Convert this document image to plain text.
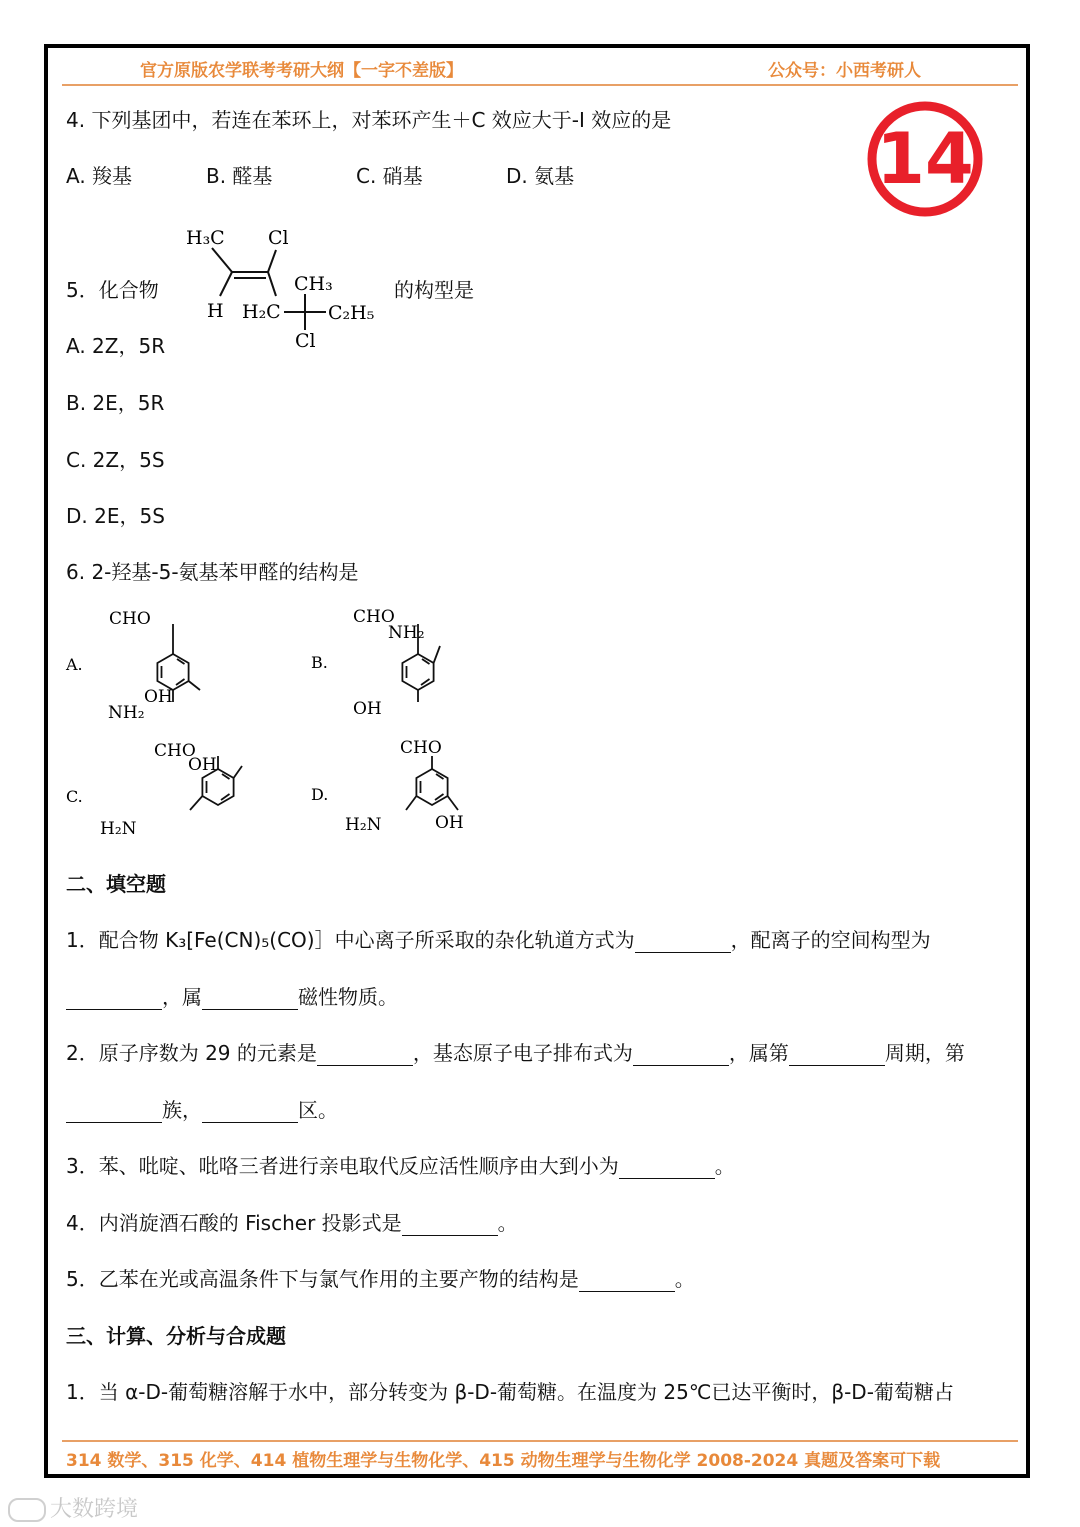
官方原版农学联考考研大纲【一字不差版】	公众号：小西考研人
14
4. 下列基团中，若连在苯环上，对苯环产生＋C 效应大于-I 效应的是
A. 羧基	B. 醛基	C. 硝基	D. 氨基
5．化合物
H₃C Cl
H
CH₃
H₂C C₂H₅
Cl
的构型是
A. 2Z，5R
B. 2E，5R
C. 2Z，5S
D. 2E，5S
6. 2-羟基-5-氨基苯甲醛的结构是
A.
CHO
OH
NH₂
B.
CHO
NH₂
OH
C.
CHO
OH
H₂N
D.
CHO
H₂N	OH
二、填空题
1．配合物 K₃[Fe(CN)₅(CO)］中心离子所采取的杂化轨道方式为	，配离子的空间构型为
，属	磁性物质。
2．原子序数为 29 的元素是	，基态原子电子排布式为	，属第	周期，第
族，	区。
3．苯、吡啶、吡咯三者进行亲电取代反应活性顺序由大到小为	。
4．内消旋酒石酸的 Fischer 投影式是	。
5．乙苯在光或高温条件下与氯气作用的主要产物的结构是	。
三、计算、分析与合成题
1．当 α-D-葡萄糖溶解于水中，部分转变为 β-D-葡萄糖。在温度为 25℃已达平衡时，β-D-葡萄糖占
314 数学、315 化学、414 植物生理学与生物化学、415 动物生理学与生物化学 2008-2024 真题及答案可下载
大数跨境
